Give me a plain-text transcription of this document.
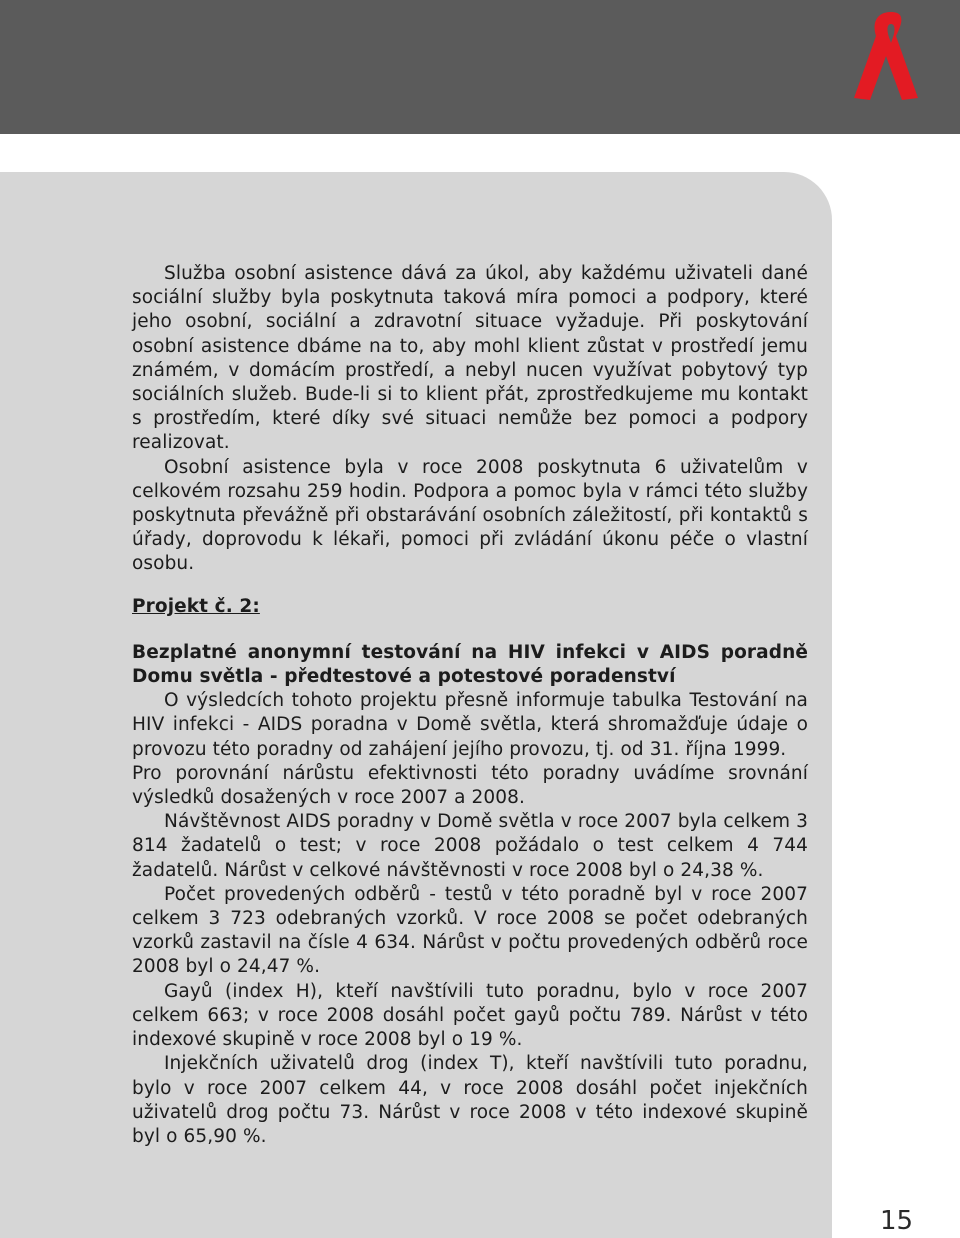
Služba osobní asistence dává za úkol, aby každému uživateli dané sociální služby byla poskytnuta taková míra pomoci a podpory, které jeho osobní, sociální a zdravotní situace vyžaduje. Při poskytování osobní asistence dbáme na to, aby mohl klient zůstat v prostředí jemu známém, v domácím prostředí, a nebyl nucen využívat pobytový typ sociálních služeb. Bude-li si to klient přát, zprostředkujeme mu kontakt s prostředím, které díky své situaci nemůže bez pomoci a podpory realizovat.

Osobní asistence byla v roce 2008 poskytnuta 6 uživatelům v celkovém rozsahu 259 hodin. Podpora a pomoc byla v rámci této služby poskytnuta převážně při obstarávání osobních záležitostí, při kontaktů s úřady, doprovodu k lékaři, pomoci při zvládání úkonu péče o vlastní osobu.

Projekt č. 2:

Bezplatné anonymní testování na HIV infekci v AIDS poradně Domu světla - předtestové a potestové poradenství

O výsledcích tohoto projektu přesně informuje tabulka Testování na HIV infekci - AIDS poradna v Domě světla, která shromažďuje údaje o provozu této poradny od zahájení jejího provozu, tj. od 31. října 1999.

Pro porovnání nárůstu efektivnosti této poradny uvádíme srovnání výsledků dosažených v roce 2007 a 2008.

Návštěvnost AIDS poradny v Domě světla v roce 2007 byla celkem 3 814 žadatelů o test; v roce 2008 požádalo o test celkem 4 744 žadatelů. Nárůst v celkové návštěvnosti v roce 2008 byl o 24,38 %.

Počet provedených odběrů - testů v této poradně byl v roce 2007 celkem 3 723 odebraných vzorků. V roce 2008 se počet odebraných vzorků zastavil na čísle 4 634. Nárůst v počtu provedených odběrů roce 2008 byl o 24,47 %.

Gayů (index H), kteří navštívili tuto poradnu, bylo v roce 2007 celkem 663; v roce 2008 dosáhl počet gayů počtu 789. Nárůst v této indexové skupině v roce 2008 byl o 19 %.

Injekčních uživatelů drog (index T), kteří navštívili tuto poradnu, bylo v roce 2007 celkem 44, v roce 2008 dosáhl počet injekčních uživatelů drog počtu 73. Nárůst v roce 2008 v této indexové skupině byl o 65,90 %.

15
